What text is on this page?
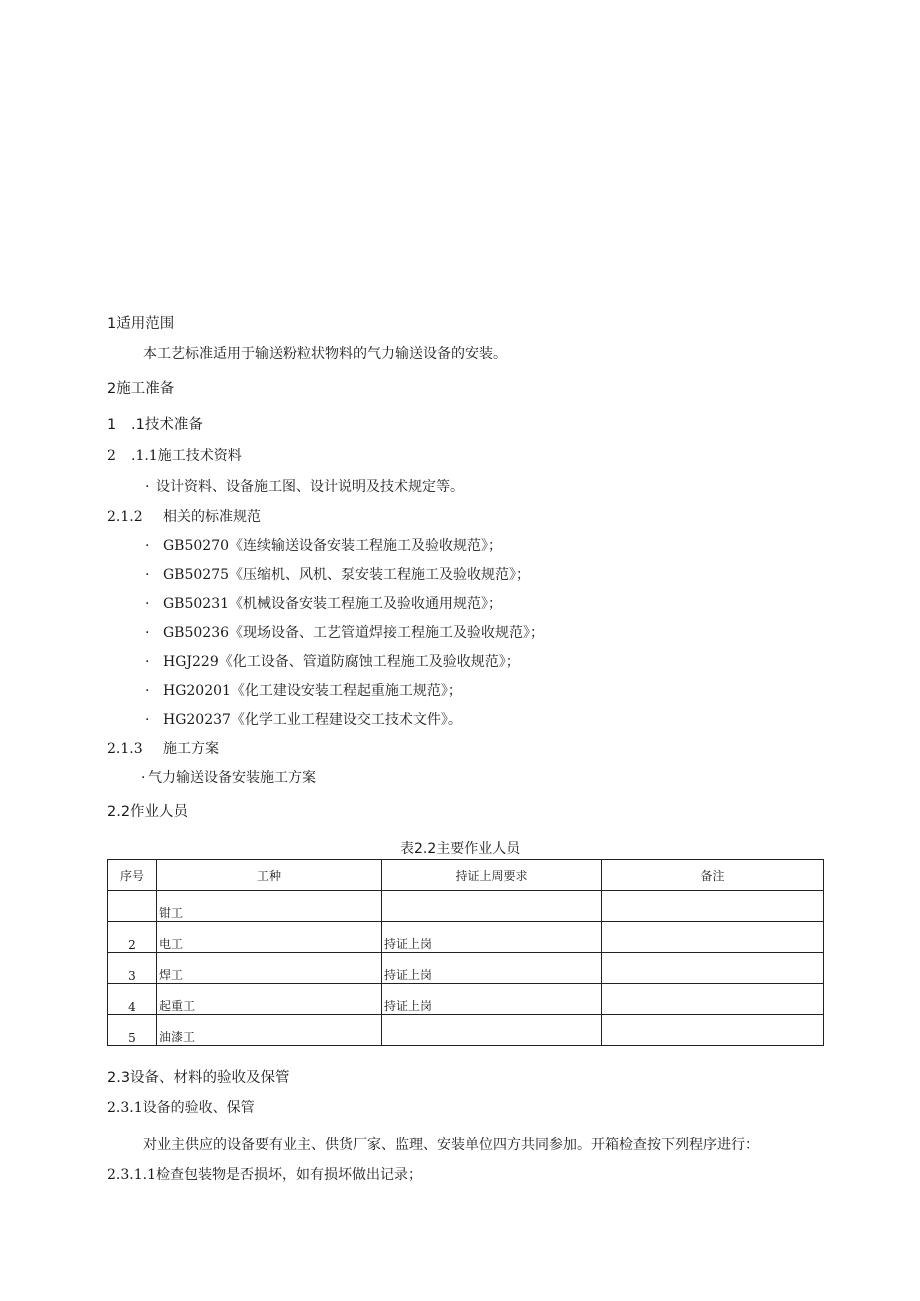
1适用范围
本工艺标准适用于输送粉粒状物料的气力输送设备的安装。
2施工准备
1 .1技术准备
2 .1.1施工技术资料
· 设计资料、设备施工图、设计说明及技术规定等。
2.1.2 相关的标准规范
· GB50270《连续输送设备安装工程施工及验收规范》；
· GB50275《压缩机、风机、泵安装工程施工及验收规范》；
· GB50231《机械设备安装工程施工及验收通用规范》；
· GB50236《现场设备、工艺管道焊接工程施工及验收规范》；
· HGJ229《化工设备、管道防腐蚀工程施工及验收规范》；
· HG20201《化工建设安装工程起重施工规范》；
· HG20237《化学工业工程建设交工技术文件》。
2.1.3 施工方案
· 气力输送设备安装施工方案
2.2作业人员
表2.2主要作业人员
序号	工种	持证上周要求	备注
	钳工		
2	电工	持证上岗	
3	焊工	持证上岗	
4	起重工	持证上岗	
5	油漆工		
2.3设备、材料的验收及保管
2.3.1设备的验收、保管
对业主供应的设备要有业主、供货厂家、监理、安装单位四方共同参加。开箱检查按下列程序进行：
2.3.1.1检查包装物是否损坏，如有损坏做出记录；
